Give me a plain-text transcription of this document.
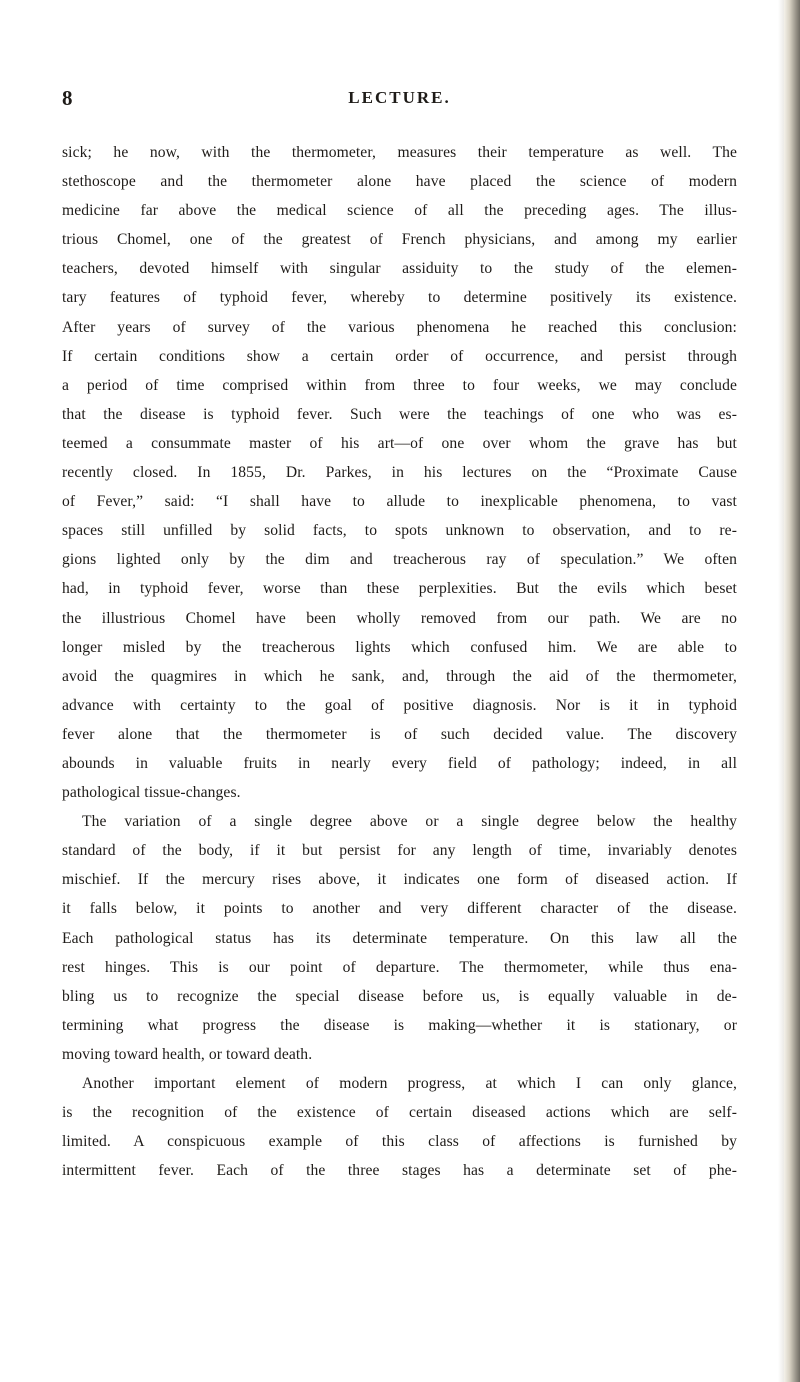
8	LECTURE.
sick; he now, with the thermometer, measures their temperature as well. The
stethoscope and the thermometer alone have placed the science of modern
medicine far above the medical science of all the preceding ages. The illus-
trious Chomel, one of the greatest of French physicians, and among my earlier
teachers, devoted himself with singular assiduity to the study of the elemen-
tary features of typhoid fever, whereby to determine positively its existence.
After years of survey of the various phenomena he reached this conclusion:
If certain conditions show a certain order of occurrence, and persist through
a period of time comprised within from three to four weeks, we may conclude
that the disease is typhoid fever. Such were the teachings of one who was es-
teemed a consummate master of his art—of one over whom the grave has but
recently closed. In 1855, Dr. Parkes, in his lectures on the “Proximate Cause
of Fever,” said: “I shall have to allude to inexplicable phenomena, to vast
spaces still unfilled by solid facts, to spots unknown to observation, and to re-
gions lighted only by the dim and treacherous ray of speculation.” We often
had, in typhoid fever, worse than these perplexities. But the evils which beset
the illustrious Chomel have been wholly removed from our path. We are no
longer misled by the treacherous lights which confused him. We are able to
avoid the quagmires in which he sank, and, through the aid of the thermometer,
advance with certainty to the goal of positive diagnosis. Nor is it in typhoid
fever alone that the thermometer is of such decided value. The discovery
abounds in valuable fruits in nearly every field of pathology; indeed, in all
pathological tissue-changes.
The variation of a single degree above or a single degree below the healthy
standard of the body, if it but persist for any length of time, invariably denotes
mischief. If the mercury rises above, it indicates one form of diseased action. If
it falls below, it points to another and very different character of the disease.
Each pathological status has its determinate temperature. On this law all the
rest hinges. This is our point of departure. The thermometer, while thus ena-
bling us to recognize the special disease before us, is equally valuable in de-
termining what progress the disease is making—whether it is stationary, or
moving toward health, or toward death.
Another important element of modern progress, at which I can only glance,
is the recognition of the existence of certain diseased actions which are self-
limited. A conspicuous example of this class of affections is furnished by
intermittent fever. Each of the three stages has a determinate set of phe-
